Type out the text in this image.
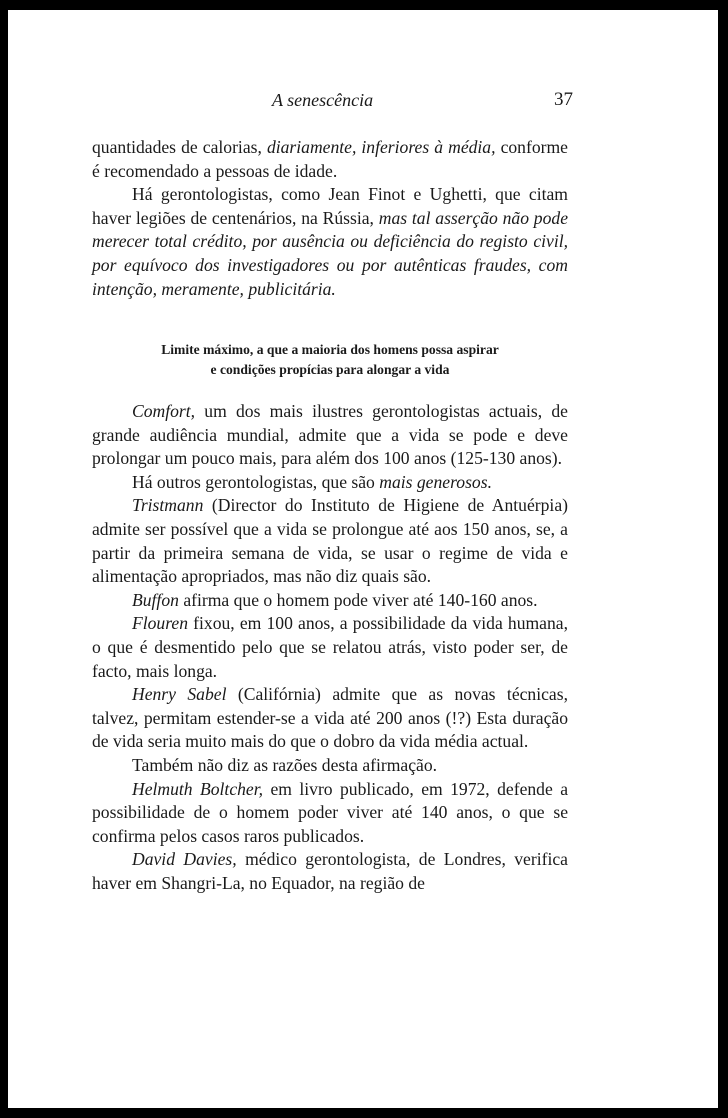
A senescência	37

quantidades de calorias, diariamente, inferiores à média, conforme é recomendado a pessoas de idade.

Há gerontologistas, como Jean Finot e Ughetti, que citam haver legiões de centenários, na Rússia, mas tal asserção não pode merecer total crédito, por ausência ou deficiência do registo civil, por equívoco dos investigadores ou por autênticas fraudes, com intenção, meramente, publicitária.

Limite máximo, a que a maioria dos homens possa aspirar
e condições propícias para alongar a vida

Comfort, um dos mais ilustres gerontologistas actuais, de grande audiência mundial, admite que a vida se pode e deve prolongar um pouco mais, para além dos 100 anos (125-130 anos).

Há outros gerontologistas, que são mais generosos.

Tristmann (Director do Instituto de Higiene de Antuérpia) admite ser possível que a vida se prolongue até aos 150 anos, se, a partir da primeira semana de vida, se usar o regime de vida e alimentação apropriados, mas não diz quais são.

Buffon afirma que o homem pode viver até 140-160 anos.

Flouren fixou, em 100 anos, a possibilidade da vida humana, o que é desmentido pelo que se relatou atrás, visto poder ser, de facto, mais longa.

Henry Sabel (Califórnia) admite que as novas técnicas, talvez, permitam estender-se a vida até 200 anos (!?) Esta duração de vida seria muito mais do que o dobro da vida média actual.

Também não diz as razões desta afirmação.

Helmuth Boltcher, em livro publicado, em 1972, defende a possibilidade de o homem poder viver até 140 anos, o que se confirma pelos casos raros publicados.

David Davies, médico gerontologista, de Londres, verifica haver em Shangri-La, no Equador, na região de
